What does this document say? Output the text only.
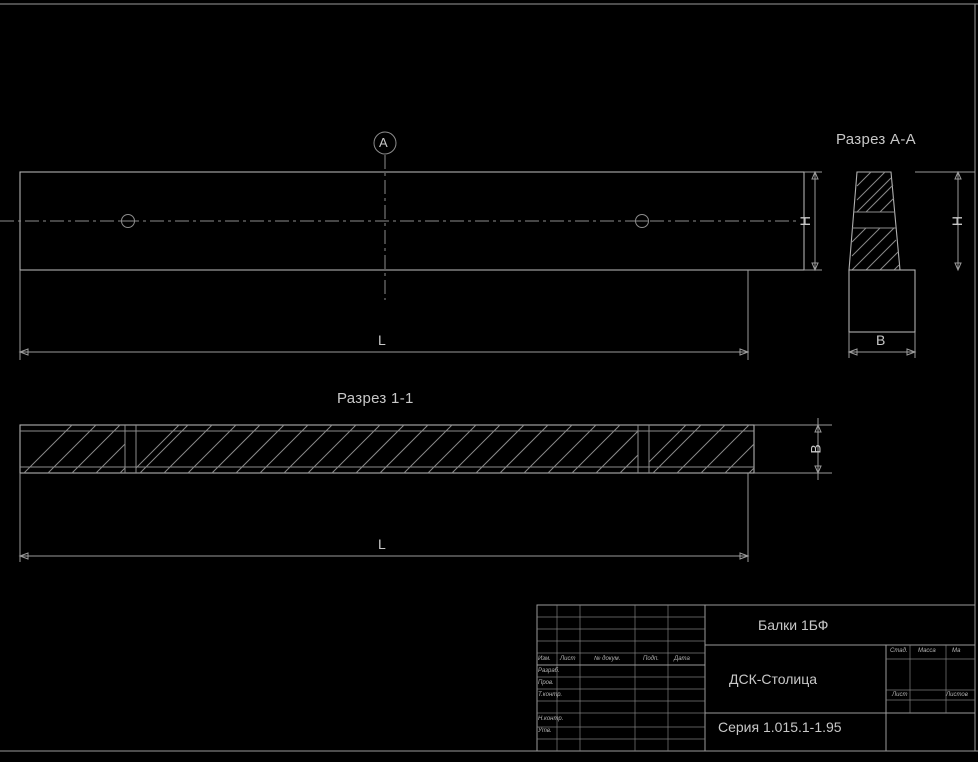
Разрез А-А
Разрез 1-1
A
L
H	H
B
B
L
Балки 1БФ
ДСК-Столица
Серия 1.015.1-1.95
Изм. Лист	№ докум.	Подп.	Дата
Разраб.
Пров.
Т.контр.
Н.контр.
Утв.
Стад. Масса	Ма
Лист	Листов
